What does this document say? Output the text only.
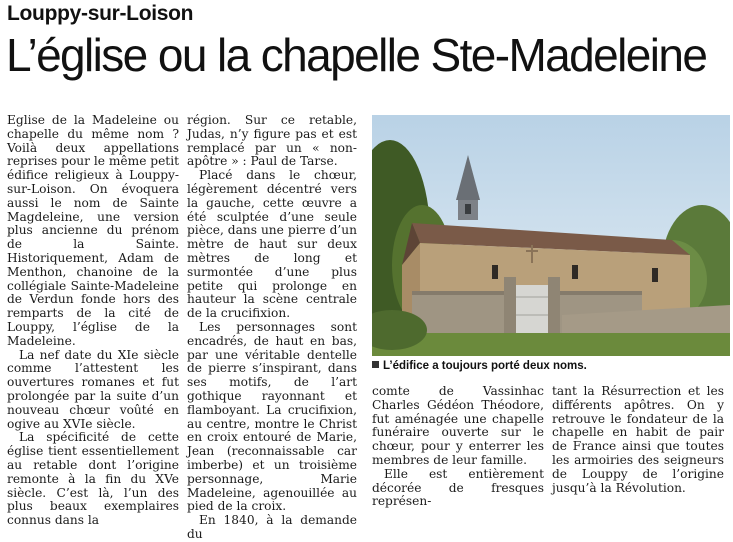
Louppy-sur-Loison
L’église ou la chapelle Ste-Madeleine

Eglise de la Madeleine ou chapelle du même nom ? Voilà deux appellations reprises pour le même petit édifice religieux à Louppy-sur-Loison. On évoquera aussi le nom de Sainte Magdeleine, une version plus ancienne du prénom de la Sainte. Historiquement, Adam de Menthon, chanoine de la collégiale Sainte-Madeleine de Verdun fonde hors des remparts de la cité de Louppy, l’église de la Madeleine.

La nef date du XIe siècle comme l’attestent les ouvertures romanes et fut prolongée par la suite d’un nouveau chœur voûté en ogive au XVIe siècle.

La spécificité de cette église tient essentiellement au retable dont l’origine remonte à la fin du XVe siècle. C’est là, l’un des plus beaux exemplaires connus dans la

région. Sur ce retable, Judas, n’y figure pas et est remplacé par un « non-apôtre » : Paul de Tarse.

Placé dans le chœur, légèrement décentré vers la gauche, cette œuvre a été sculptée d’une seule pièce, dans une pierre d’un mètre de haut sur deux mètres de long et surmontée d’une plus petite qui prolonge en hauteur la scène centrale de la crucifixion.

Les personnages sont encadrés, de haut en bas, par une véritable dentelle de pierre s’inspirant, dans ses motifs, de l’art gothique rayonnant et flamboyant. La crucifixion, au centre, montre le Christ en croix entouré de Marie, Jean (reconnaissable car imberbe) et un troisième personnage, Marie Madeleine, agenouillée au pied de la croix.

En 1840, à la demande du

L’édifice a toujours porté deux noms.

comte de Vassinhac Charles Gédéon Théodore, fut aménagée une chapelle funéraire ouverte sur le chœur, pour y enterrer les membres de leur famille.

Elle est entièrement décorée de fresques représen-

tant la Résurrection et les différents apôtres. On y retrouve le fondateur de la chapelle en habit de pair de France ainsi que toutes les armoiries des seigneurs de Louppy de l’origine jusqu’à la Révolution.
